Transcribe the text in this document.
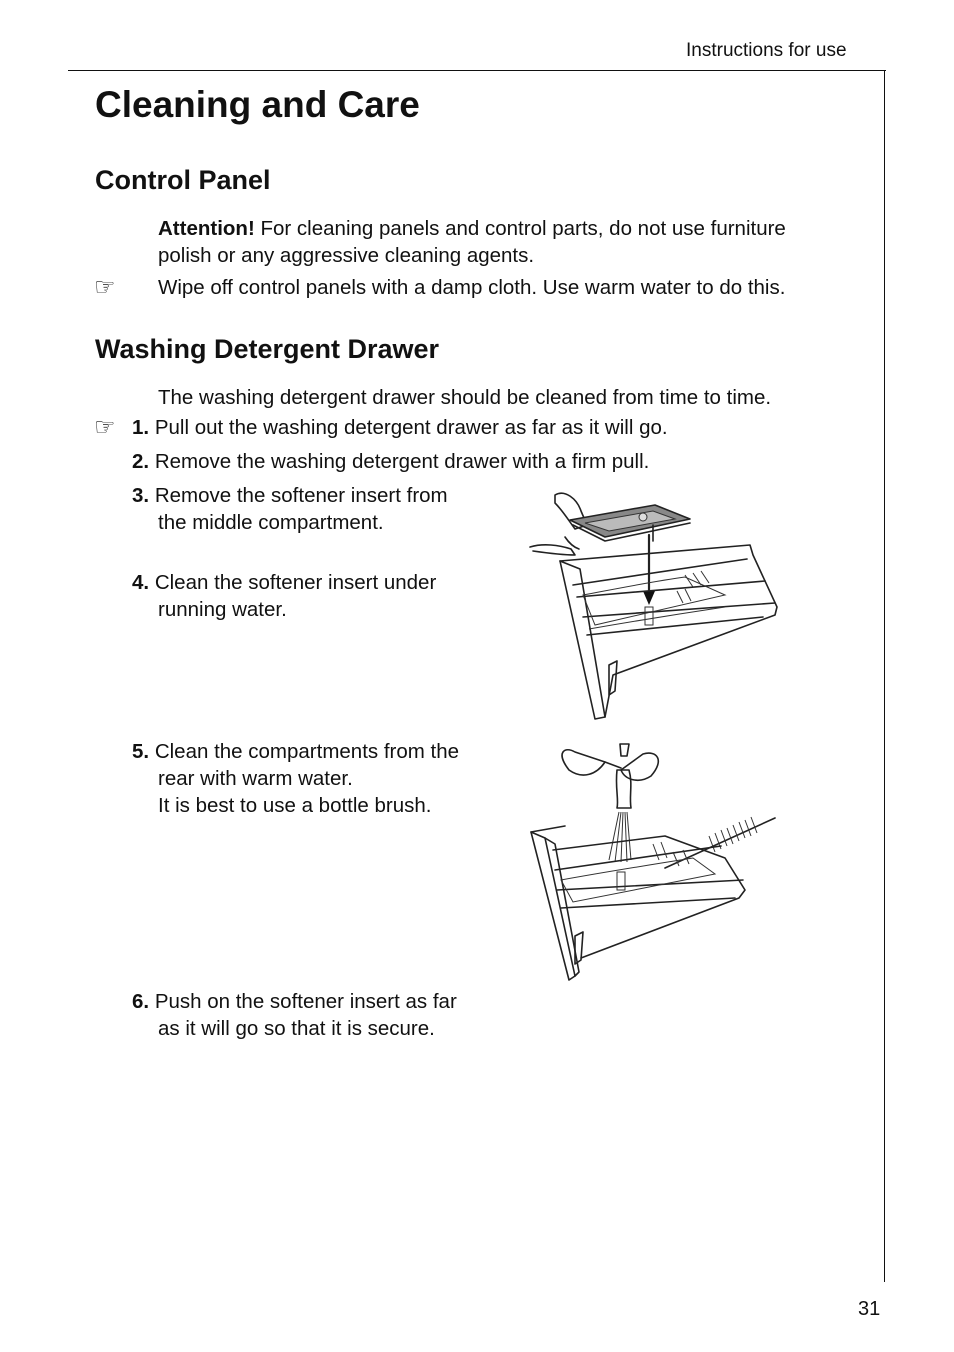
Instructions for use
Cleaning and Care
Control Panel
Attention! For cleaning panels and control parts, do not use furniture
polish or any aggressive cleaning agents.
☞ Wipe off control panels with a damp cloth. Use warm water to do this.
Washing Detergent Drawer
The washing detergent drawer should be cleaned from time to time.
☞ 1. Pull out the washing detergent drawer as far as it will go.
2. Remove the washing detergent drawer with a firm pull.
3. Remove the softener insert from
the middle compartment.
4. Clean the softener insert under
running water.
5. Clean the compartments from the
rear with warm water.
It is best to use a bottle brush.
6. Push on the softener insert as far
as it will go so that it is secure.
31
